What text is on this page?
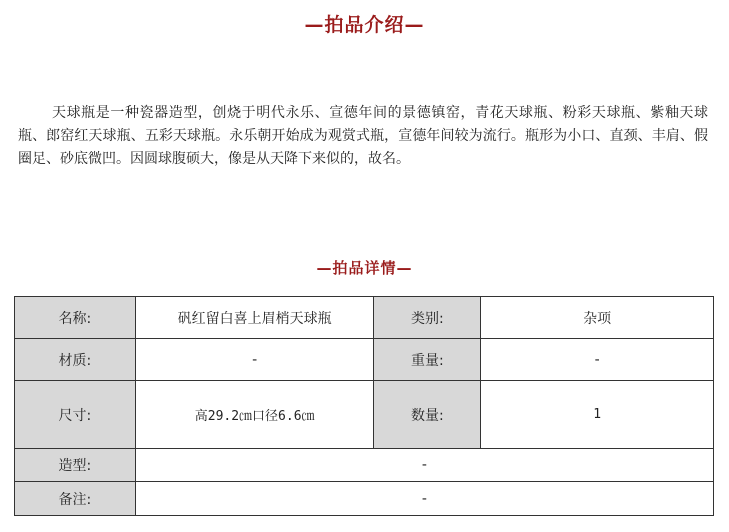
—拍品介绍—

天球瓶是一种瓷器造型，创烧于明代永乐、宣德年间的景德镇窑，青花天球瓶、粉彩天球瓶、紫釉天球瓶、郎窑红天球瓶、五彩天球瓶。永乐朝开始成为观赏式瓶，宣德年间较为流行。瓶形为小口、直颈、丰肩、假圈足、砂底微凹。因圆球腹硕大，像是从天降下来似的，故名。

—拍品详情—
名称:	矾红留白喜上眉梢天球瓶	类别:	杂项
材质:	-	重量:	-
尺寸:	高29.2㎝口径6.6㎝	数量:	1
造型:	-		
备注:	-		
